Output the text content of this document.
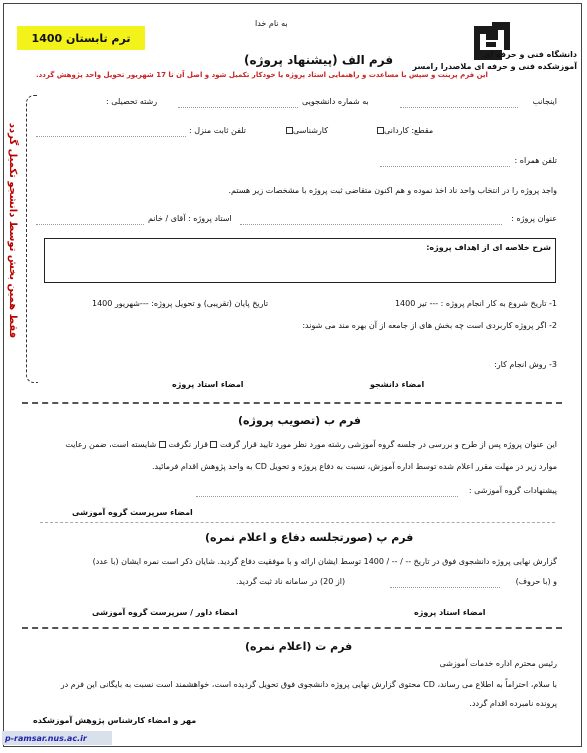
به نام خدا
ترم تابستان 1400
دانشگاه فنی و حرفه ای
آموزشکده فنی و حرفه ای ملاصدرا رامسر
فرم الف (پیشنهاد پروژه)
این فرم پرینت و سپس با مساعدت و راهنمایی استاد پروژه یا خودکار تکمیل شود و اصل آن تا 17 شهریور تحویل واحد پژوهش گردد.
فقط همین بخش توسط دانشجو تکمیل گردد
اینجانب
به شماره دانشجویی
رشته تحصیلی :
مقطع: کاردانی
کارشناسی
تلفن ثابت منزل :
تلفن همراه :
واجد پروژه را در انتخاب واحد ناد اخذ نموده و هم اکنون متقاضی ثبت پروژه با مشخصات زیر هستم.
عنوان پروژه :
استاد پروژه : آقای / خانم
شرح خلاصه ای از اهداف پروژه:
1- تاریخ شروع به کار انجام پروژه : --- تیر 1400
تاریخ پایان (تقریبی) و تحویل پروژه: ---شهریور 1400
2- اگر پروژه کاربردی است چه بخش های از جامعه از آن بهره مند می شوند:
3- روش انجام کار:
امضاء دانشجو
امضاء استاد پروژه
فرم ب (تصویب پروژه)
این عنوان پروژه پس از طرح و بررسی در جلسه گروه آموزشی رشته مورد نظر مورد تایید قرار گرفت  قرار نگرفت  شایسته است، ضمن رعایت
موارد زیر در مهلت مقرر اعلام شده توسط اداره آموزش، نسبت به دفاع پروژه و تحویل CD به واحد پژوهش اقدام فرمائید.
پیشنهادات گروه آموزشی :
امضاء سرپرست گروه آموزشی
فرم پ (صورتجلسه دفاع و اعلام نمره)
گزارش نهایی پروژه دانشجوی فوق در تاریخ -- / -- / 1400 توسط ایشان ارائه و با موفقیت دفاع گردید. شایان ذکر است نمره ایشان (با عدد)
و (با حروف)
(از 20) در سامانه ناد ثبت گردید.
امضاء استاد پروژه
امضاء داور / سرپرست گروه آموزشی
فرم ت (اعلام نمره)
رئیس محترم اداره خدمات آموزشی
با سلام، احتراماً به اطلاع می رساند، CD محتوی گزارش نهایی پروژه دانشجوی فوق تحویل گردیده است، خواهشمند است نسبت به بایگانی این فرم در
پرونده نامبرده اقدام گردد.
مهر و امضاء کارشناس پژوهش آموزشکده
p-ramsar.nus.ac.ir
